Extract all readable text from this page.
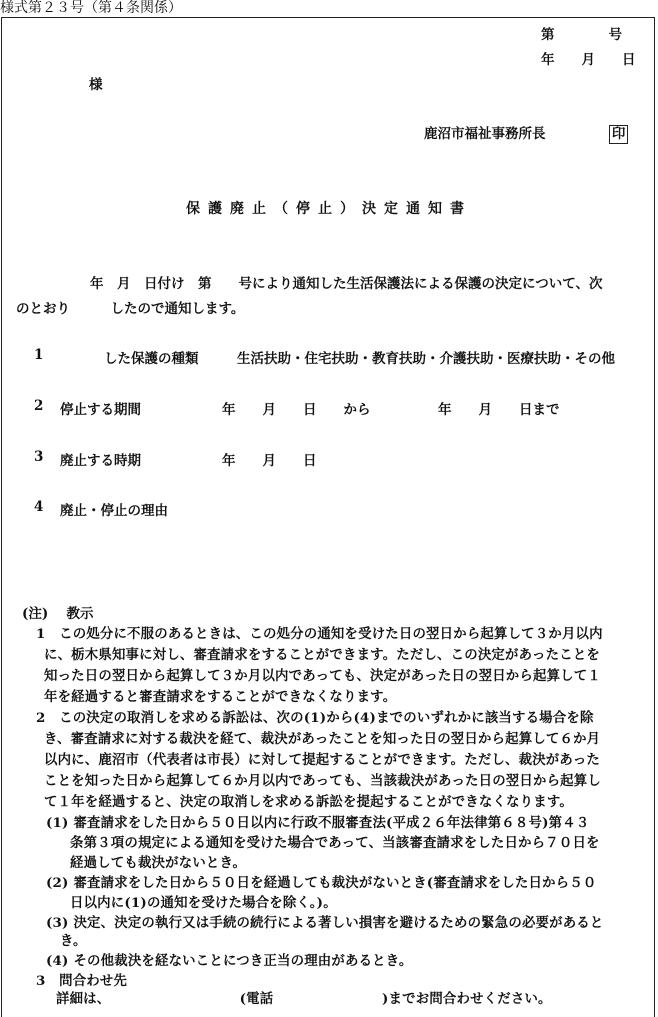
様式第２３号（第４条関係）
第　　　　号
年　　月　　日
様
鹿沼市福祉事務所長	印
保護廃止（停止）決定通知書
年　月　日付け　第　　号により通知した生活保護法による保護の決定について、次
のとおり　　　したので通知します。
1	した保護の種類	生活扶助・住宅扶助・教育扶助・介護扶助・医療扶助・その他
2 停止する期間	年　　月　　日　　から　　　　　年　　月　　日まで
3 廃止する時期	年　　月　　日
4 廃止・停止の理由
(注)　 教示
1　この処分に不服のあるときは、この処分の通知を受けた日の翌日から起算して３か月以内
に、栃木県知事に対し、審査請求をすることができます。ただし、この決定があったことを
知った日の翌日から起算して３か月以内であっても、決定があった日の翌日から起算して１
年を経過すると審査請求をすることができなくなります。
2　この決定の取消しを求める訴訟は、次の(1)から(4)までのいずれかに該当する場合を除
き、審査請求に対する裁決を経て、裁決があったことを知った日の翌日から起算して６か月
以内に、鹿沼市（代表者は市長）に対して提起することができます。ただし、裁決があった
ことを知った日から起算して６か月以内であっても、当該裁決があった日の翌日から起算し
て１年を経過すると、決定の取消しを求める訴訟を提起することができなくなります。
(1) 審査請求をした日から５０日以内に行政不服審査法(平成２６年法律第６８号)第４３
条第３項の規定による通知を受けた場合であって、当該審査請求をした日から７０日を
経過しても裁決がないとき。
(2) 審査請求をした日から５０日を経過しても裁決がないとき(審査請求をした日から５０
日以内に(1)の通知を受けた場合を除く。)。
(3) 決定、決定の執行又は手続の続行による著しい損害を避けるための緊急の必要があると
き。
(4) その他裁決を経ないことにつき正当の理由があるとき。
3　問合わせ先
詳細は、　　　　　　　　　　(電話　　　　　　　　)までお問合わせください。
